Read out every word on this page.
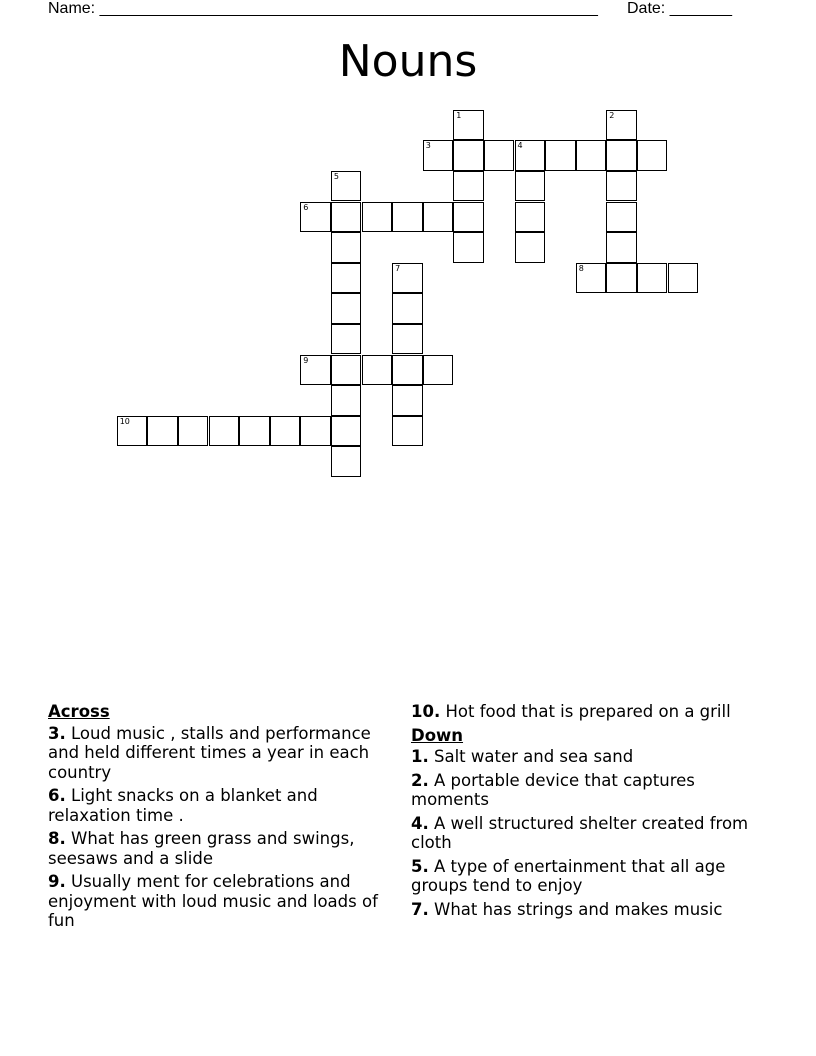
Name: ________________________________________________________ Date: _______
Nouns
1	2
3	4
5
6
7	8
9
10
Across
3. Loud music , stalls and performance and held different times a year in each country
6. Light snacks on a blanket and relaxation time .
8. What has green grass and swings, seesaws and a slide
9. Usually ment for celebrations and enjoyment with loud music and loads of fun
10. Hot food that is prepared on a grill
Down
1. Salt water and sea sand
2. A portable device that captures moments
4. A well structured shelter created from cloth
5. A type of enertainment that all age groups tend to enjoy
7. What has strings and makes music
